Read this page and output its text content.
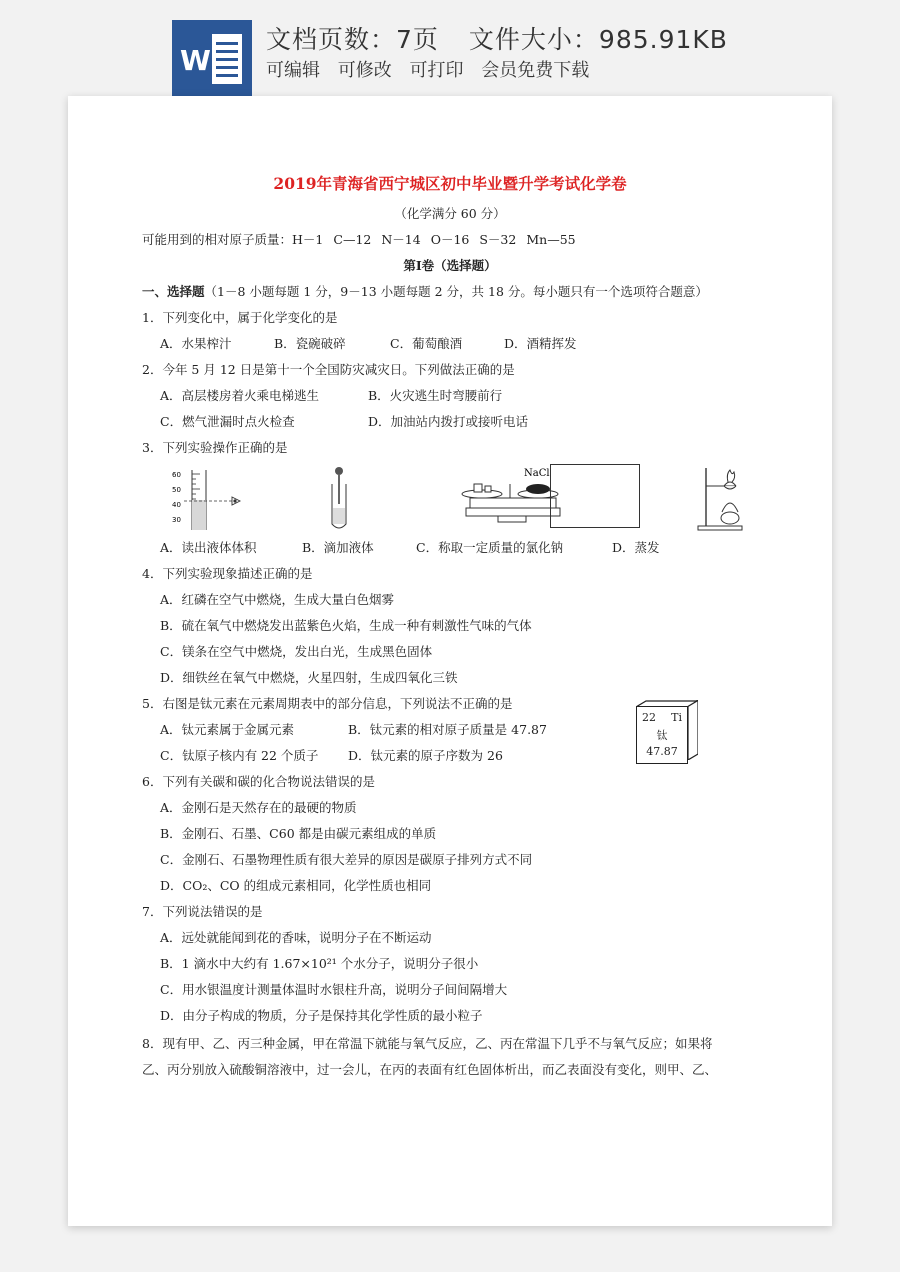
W
文档页数：7页 文件大小：985.91KB
可编辑 可修改 可打印 会员免费下载
2019年青海省西宁城区初中毕业暨升学考试化学卷
（化学满分 60 分）
可能用到的相对原子质量：H－1 C—12 N－14 O－16 S－32 Mn—55
第Ⅰ卷（选择题）
一、选择题（1－8 小题每题 1 分，9－13 小题每题 2 分，共 18 分。每小题只有一个选项符合题意）
1．下列变化中，属于化学变化的是
A．水果榨汁	B．瓷碗破碎	C．葡萄酿酒	D．酒精挥发
2．今年 5 月 12 日是第十一个全国防灾减灾日。下列做法正确的是
A．高层楼房着火乘电梯逃生	B．火灾逃生时弯腰前行
C．燃气泄漏时点火检查	D．加油站内拨打或接听电话
3．下列实验操作正确的是
60
50
40
30
NaCl
A．读出液体体积	B．滴加液体	C．称取一定质量的氯化钠	D．蒸发
4．下列实验现象描述正确的是
A．红磷在空气中燃烧，生成大量白色烟雾
B．硫在氧气中燃烧发出蓝紫色火焰，生成一种有刺激性气味的气体
C．镁条在空气中燃烧，发出白光，生成黑色固体
D．细铁丝在氧气中燃烧，火星四射，生成四氧化三铁
5．右图是钛元素在元素周期表中的部分信息，下列说法不正确的是
A．钛元素属于金属元素	B．钛元素的相对原子质量是 47.87
C．钛原子核内有 22 个质子 D．钛元素的原子序数为 26
22 Ti
钛
47.87
6．下列有关碳和碳的化合物说法错误的是
A．金刚石是天然存在的最硬的物质
B．金刚石、石墨、C60 都是由碳元素组成的单质
C．金刚石、石墨物理性质有很大差异的原因是碳原子排列方式不同
D．CO₂、CO 的组成元素相同，化学性质也相同
7．下列说法错误的是
A．远处就能闻到花的香味，说明分子在不断运动
B．1 滴水中大约有 1.67×10²¹ 个水分子，说明分子很小
C．用水银温度计测量体温时水银柱升高，说明分子间间隔增大
D．由分子构成的物质，分子是保持其化学性质的最小粒子
8．现有甲、乙、丙三种金属，甲在常温下就能与氧气反应，乙、丙在常温下几乎不与氧气反应；如果将
乙、丙分别放入硫酸铜溶液中，过一会儿，在丙的表面有红色固体析出，而乙表面没有变化，则甲、乙、
